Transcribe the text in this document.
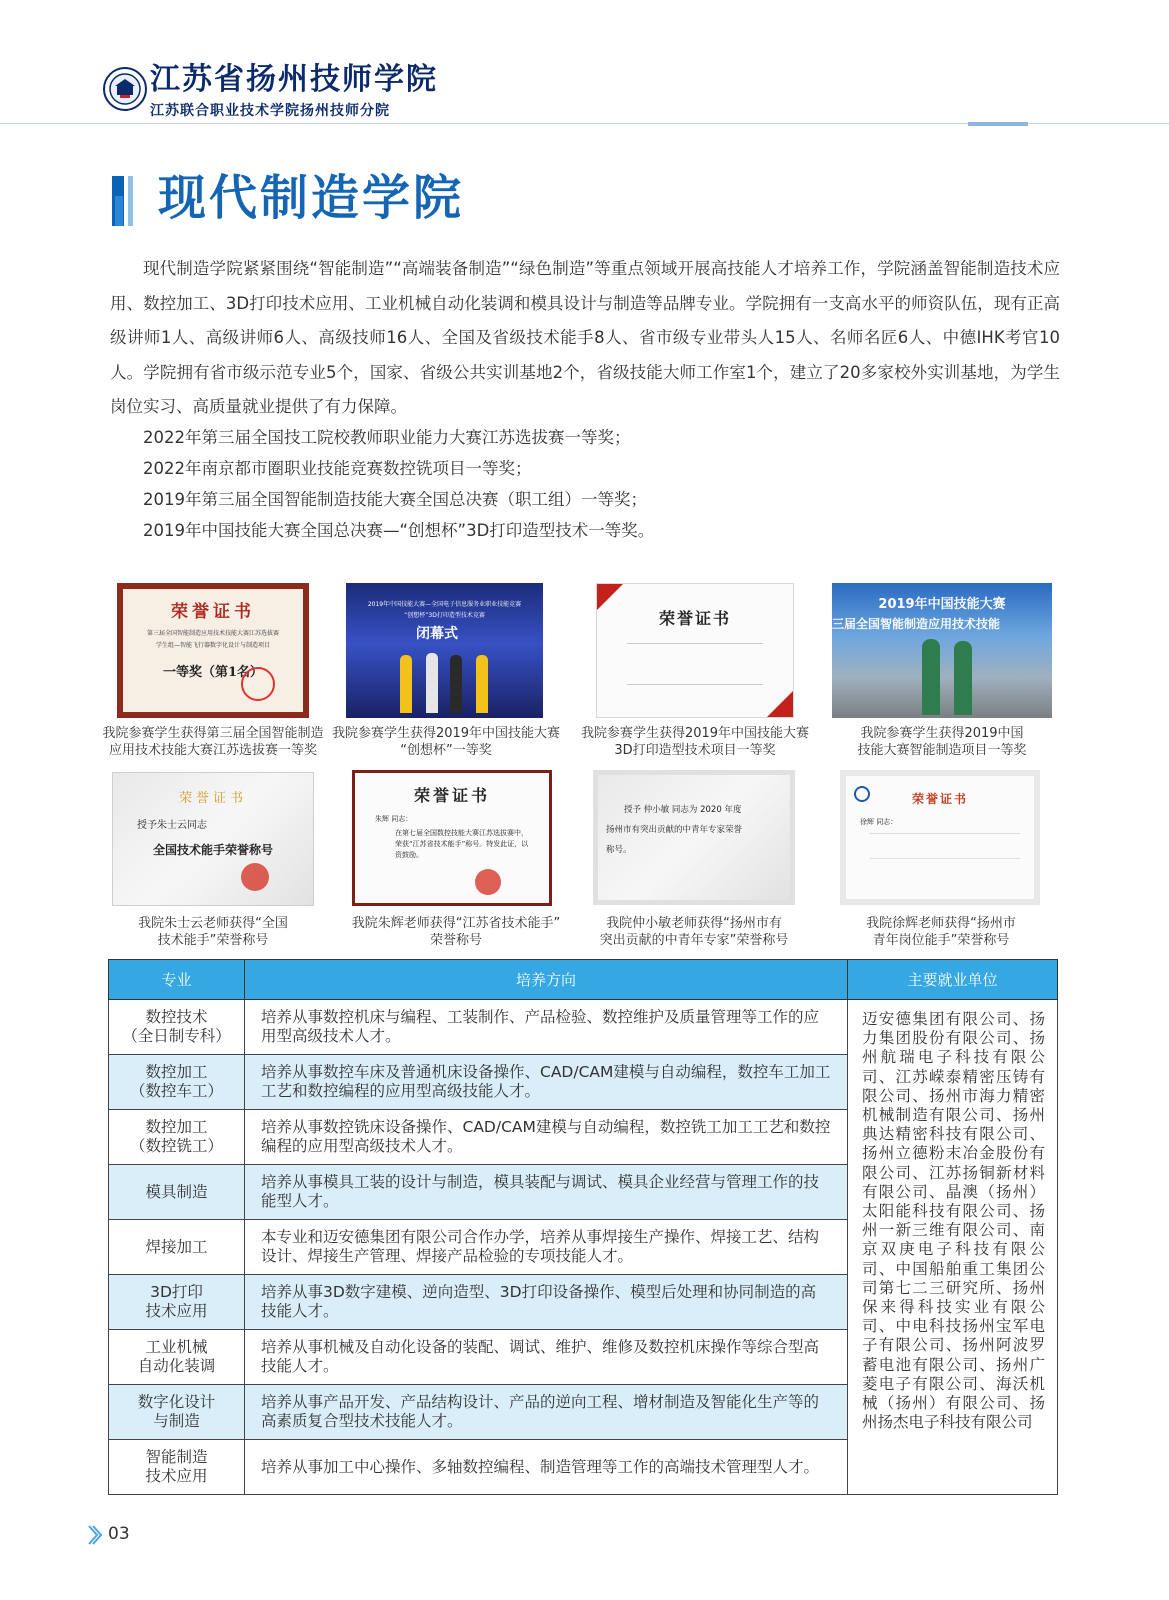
江苏省扬州技师学院
江苏联合职业技术学院扬州技师分院
现代制造学院

现代制造学院紧紧围绕“智能制造”“高端装备制造”“绿色制造”等重点领域开展高技能人才培养工作，学院涵盖智能制造技术应用、数控加工、3D打印技术应用、工业机械自动化装调和模具设计与制造等品牌专业。学院拥有一支高水平的师资队伍，现有正高级讲师1人、高级讲师6人、高级技师16人、全国及省级技术能手8人、省市级专业带头人15人、名师名匠6人、中德IHK考官10人。学院拥有省市级示范专业5个，国家、省级公共实训基地2个，省级技能大师工作室1个，建立了20多家校外实训基地，为学生岗位实习、高质量就业提供了有力保障。

2022年第三届全国技工院校教师职业能力大赛江苏选拔赛一等奖；
2022年南京都市圈职业技能竞赛数控铣项目一等奖；
2019年第三届全国智能制造技能大赛全国总决赛（职工组）一等奖；
2019年中国技能大赛全国总决赛—“创想杯”3D打印造型技术一等奖。
荣誉证书
第三届全国智能制造应用技术技能大赛江苏选拔赛
学生组—智能飞行器数字化设计与制造项目
一等奖（第1名）
我院参赛学生获得第三届全国智能制造
应用技术技能大赛江苏选拔赛一等奖
2019年中国技能大赛—全国电子信息服务业职业技能竞赛
“创想杯”3D打印造型技术竞赛
闭幕式
我院参赛学生获得2019年中国技能大赛
“创想杯”一等奖
荣誉证书
我院参赛学生获得2019年中国技能大赛
3D打印造型技术项目一等奖
2019年中国技能大赛
三届全国智能制造应用技术技能
我院参赛学生获得2019中国
技能大赛智能制造项目一等奖
荣誉证书
授予朱士云同志
全国技术能手荣誉称号
我院朱士云老师获得“全国
技术能手”荣誉称号
荣誉证书
朱辉 同志：
在第七届全国数控技能大赛江苏选拔赛中，荣获“江苏省技术能手”称号。特发此证，以资鼓励。
我院朱辉老师获得“江苏省技术能手”
荣誉称号
授予 仲小敏 同志为 2020 年度
扬州市有突出贡献的中青年专家荣誉
称号。
我院仲小敏老师获得“扬州市有
突出贡献的中青年专家”荣誉称号
荣誉证书
徐辉 同志：
我院徐辉老师获得“扬州市
青年岗位能手”荣誉称号
专业	培养方向	主要就业单位

数控技术
（全日制专科）	培养从事数控机床与编程、工装制作、产品检验、数控维护及质量管理等工作的应用型高级技术人才。	迈安德集团有限公司、扬力集团股份有限公司、扬州航瑞电子科技有限公司、江苏嵘泰精密压铸有限公司、扬州市海力精密机械制造有限公司、扬州典达精密科技有限公司、扬州立德粉末冶金股份有限公司、江苏扬铜新材料有限公司、晶澳（扬州）太阳能科技有限公司、扬州一新三维有限公司、南京双庚电子科技有限公司、中国船舶重工集团公司第七二三研究所、扬州保来得科技实业有限公司、中电科技扬州宝军电子有限公司、扬州阿波罗蓄电池有限公司、扬州广菱电子有限公司、海沃机械（扬州）有限公司、扬州扬杰电子科技有限公司

数控加工
（数控车工）	培养从事数控车床及普通机床设备操作、CAD/CAM建模与自动编程，数控车工加工工艺和数控编程的应用型高级技能人才。	

数控加工
（数控铣工）	培养从事数控铣床设备操作、CAD/CAM建模与自动编程，数控铣工加工工艺和数控编程的应用型高级技术人才。	

模具制造	培养从事模具工装的设计与制造，模具装配与调试、模具企业经营与管理工作的技能型人才。	

焊接加工	本专业和迈安德集团有限公司合作办学，培养从事焊接生产操作、焊接工艺、结构设计、焊接生产管理、焊接产品检验的专项技能人才。	

3D打印
技术应用	培养从事3D数字建模、逆向造型、3D打印设备操作、模型后处理和协同制造的高技能人才。	

工业机械
自动化装调	培养从事机械及自动化设备的装配、调试、维护、维修及数控机床操作等综合型高技能人才。	

数字化设计
与制造	培养从事产品开发、产品结构设计、产品的逆向工程、增材制造及智能化生产等的高素质复合型技术技能人才。	

智能制造
技术应用	培养从事加工中心操作、多轴数控编程、制造管理等工作的高端技术管理型人才。	
03
